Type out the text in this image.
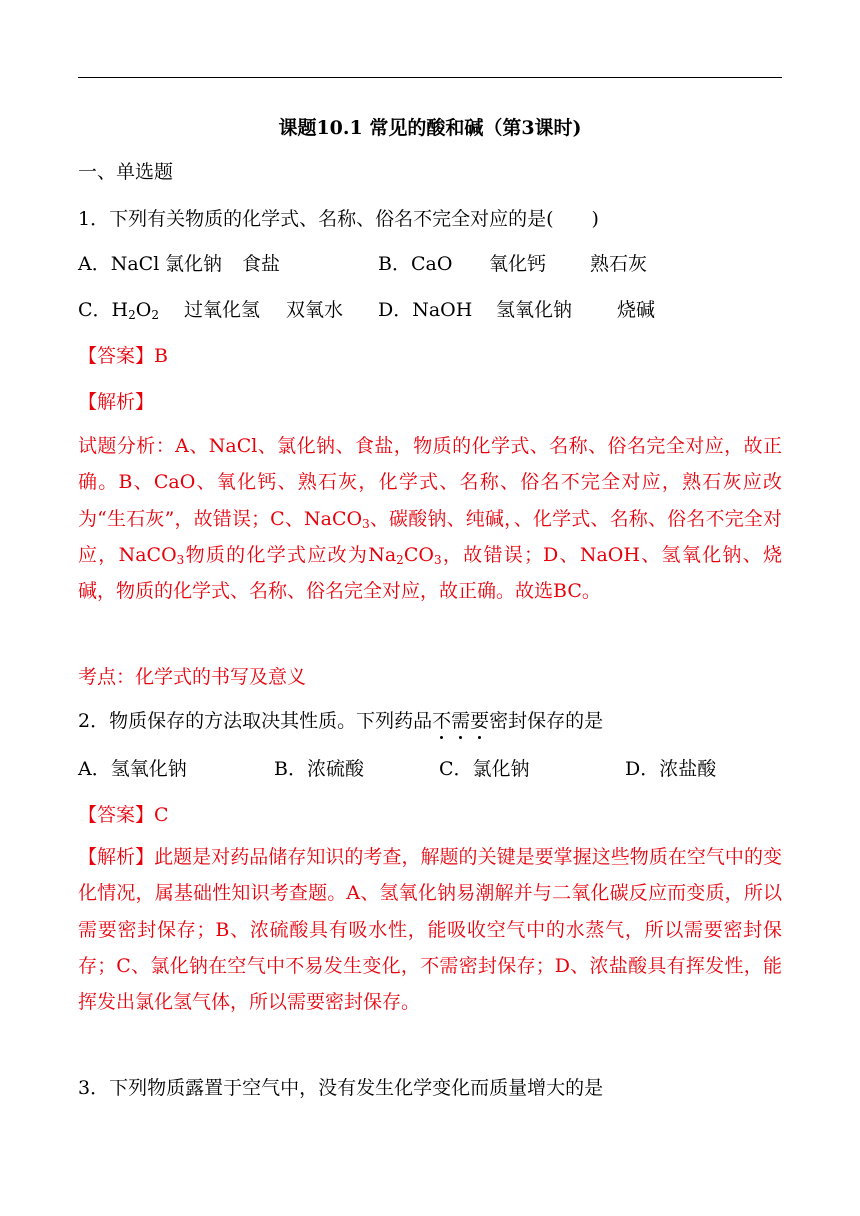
课题10.1 常见的酸和碱（第3课时)
一、单选题
1．下列有关物质的化学式、名称、俗名不完全对应的是(　　)
A．NaCl 氯化钠 食盐	B．CaO 氧化钙 熟石灰
C．$H_2O_2$ 过氧化氢 双氧水 D．NaOH 氢氧化钠 烧碱
【答案】B
【解析】
试题分析：A、NaCl、氯化钠、食盐，物质的化学式、名称、俗名完全对应，故正确。B、CaO、氧化钙、熟石灰，化学式、名称、俗名不完全对应，熟石灰应改为“生石灰”，故错误；C、NaCO$_3$、碳酸钠、纯碱，、化学式、名称、俗名不完全对应，NaCO$_3$物质的化学式应改为$Na_2CO_3$，故错误；D、NaOH、氢氧化钠、烧碱，物质的化学式、名称、俗名完全对应，故正确。故选BC。
考点：化学式的书写及意义
2．物质保存的方法取决其性质。下列药品不需要密封保存的是
A．氢氧化钠	B．浓硫酸	C．氯化钠	D．浓盐酸
【答案】C
【解析】此题是对药品储存知识的考查，解题的关键是要掌握这些物质在空气中的变化情况，属基础性知识考查题。A、氢氧化钠易潮解并与二氧化碳反应而变质，所以需要密封保存；B、浓硫酸具有吸水性，能吸收空气中的水蒸气，所以需要密封保存；C、氯化钠在空气中不易发生变化，不需密封保存；D、浓盐酸具有挥发性，能挥发出氯化氢气体，所以需要密封保存。
3．下列物质露置于空气中，没有发生化学变化而质量增大的是
